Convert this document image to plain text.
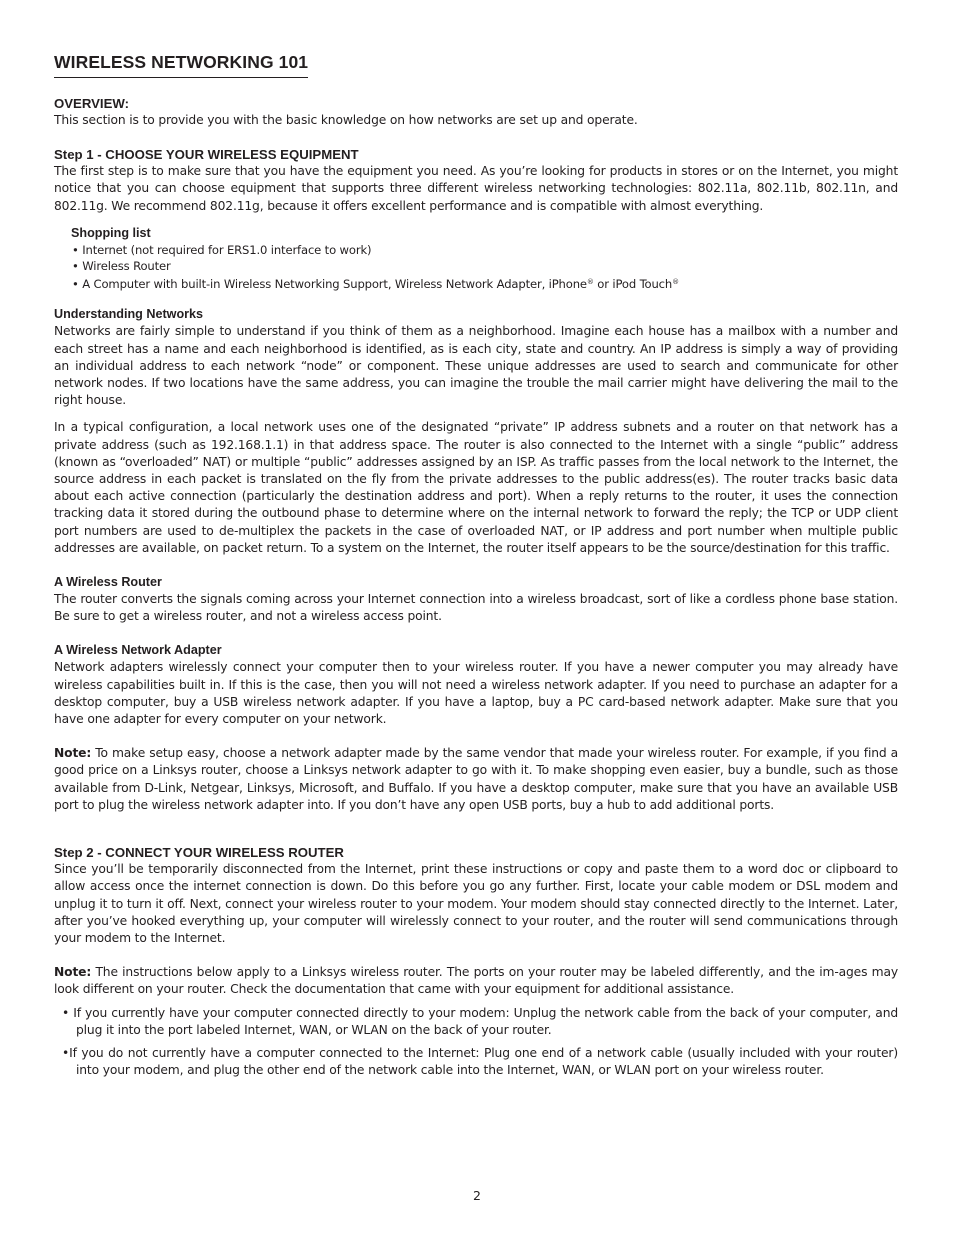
WIRELESS NETWORKING 101
OVERVIEW:

This section is to provide you with the basic knowledge on how networks are set up and operate.

Step 1 - CHOOSE YOUR WIRELESS EQUIPMENT

The first step is to make sure that you have the equipment you need. As you’re looking for products in stores or on the Internet, you might notice that you can choose equipment that supports three different wireless networking technologies: 802.11a, 802.11b, 802.11n, and 802.11g. We recommend 802.11g, because it offers excellent performance and is compatible with almost everything.

Shopping list
• Internet (not required for ERS1.0 interface to work)
• Wireless Router
• A Computer with built-in Wireless Networking Support, Wireless Network Adapter, iPhone® or iPod Touch®
Understanding Networks

Networks are fairly simple to understand if you think of them as a neighborhood. Imagine each house has a mailbox with a number and each street has a name and each neighborhood is identified, as is each city, state and country. An IP address is simply a way of providing an individual address to each network “node” or component. These unique addresses are used to search and communicate for other network nodes. If two locations have the same address, you can imagine the trouble the mail carrier might have delivering the mail to the right house.

In a typical configuration, a local network uses one of the designated “private” IP address subnets and a router on that network has a private address (such as 192.168.1.1) in that address space. The router is also connected to the Internet with a single “public” address (known as “overloaded” NAT) or multiple “public” addresses assigned by an ISP. As traffic passes from the local network to the Internet, the source address in each packet is translated on the fly from the private addresses to the public address(es). The router tracks basic data about each active connection (particularly the destination address and port). When a reply returns to the router, it uses the connection tracking data it stored during the outbound phase to determine where on the internal network to forward the reply; the TCP or UDP client port numbers are used to de-multiplex the packets in the case of overloaded NAT, or IP address and port number when multiple public addresses are available, on packet return. To a system on the Internet, the router itself appears to be the source/destination for this traffic.

A Wireless Router

The router converts the signals coming across your Internet connection into a wireless broadcast, sort of like a cordless phone base station. Be sure to get a wireless router, and not a wireless access point.

A Wireless Network Adapter

Network adapters wirelessly connect your computer then to your wireless router. If you have a newer computer you may already have wireless capabilities built in. If this is the case, then you will not need a wireless network adapter. If you need to purchase an adapter for a desktop computer, buy a USB wireless network adapter. If you have a laptop, buy a PC card-based network adapter. Make sure that you have one adapter for every computer on your network.

Note: To make setup easy, choose a network adapter made by the same vendor that made your wireless router. For example, if you find a good price on a Linksys router, choose a Linksys network adapter to go with it. To make shopping even easier, buy a bundle, such as those available from D-Link, Netgear, Linksys, Microsoft, and Buffalo. If you have a desktop computer, make sure that you have an available USB port to plug the wireless network adapter into. If you don’t have any open USB ports, buy a hub to add additional ports.

Step 2 - CONNECT YOUR WIRELESS ROUTER

Since you’ll be temporarily disconnected from the Internet, print these instructions or copy and paste them to a word doc or clipboard to allow access once the internet connection is down. Do this before you go any further. First, locate your cable modem or DSL modem and unplug it to turn it off. Next, connect your wireless router to your modem. Your modem should stay connected directly to the Internet. Later, after you’ve hooked everything up, your computer will wirelessly connect to your router, and the router will send communications through your modem to the Internet.

Note: The instructions below apply to a Linksys wireless router. The ports on your router may be labeled differently, and the im-ages may look different on your router. Check the documentation that came with your equipment for additional assistance.

• If you currently have your computer connected directly to your modem: Unplug the network cable from the back of your computer, and plug it into the port labeled Internet, WAN, or WLAN on the back of your router.

•If you do not currently have a computer connected to the Internet: Plug one end of a network cable (usually included with your router) into your modem, and plug the other end of the network cable into the Internet, WAN, or WLAN port on your wireless router.

2
